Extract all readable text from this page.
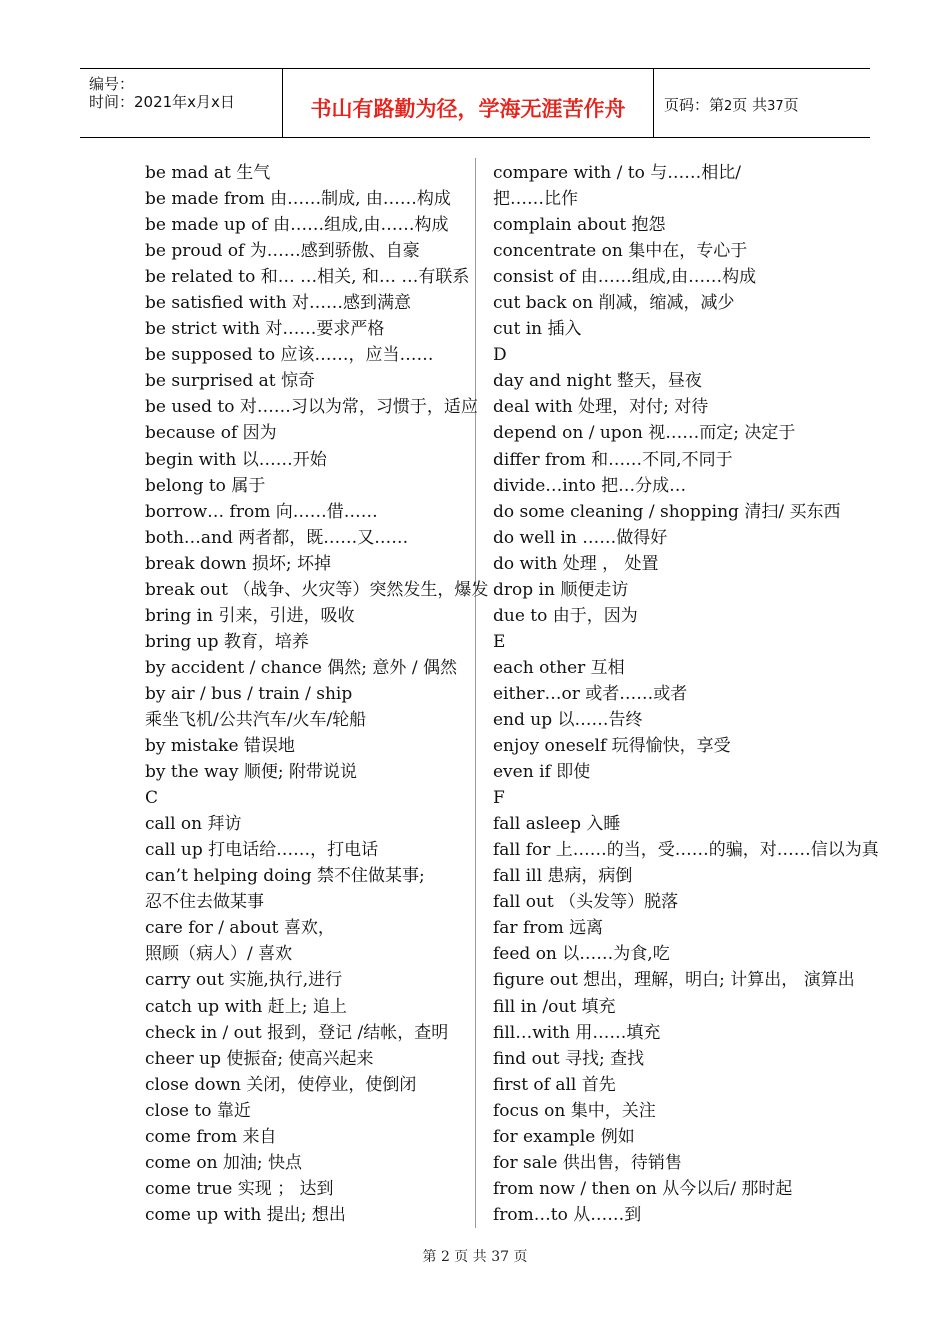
编号：
时间：2021年x月x日	书山有路勤为径，学海无涯苦作舟	页码：第2页 共37页
be mad at 生气
be made from 由……制成, 由……构成
be made up of 由……组成,由……构成
be proud of 为……感到骄傲、自豪
be related to 和… …相关, 和… …有联系
be satisfied with 对……感到满意
be strict with 对……要求严格
be supposed to 应该……，应当……
be surprised at 惊奇
be used to 对……习以为常，习惯于，适应
because of 因为
begin with 以……开始
belong to 属于
borrow… from 向……借……
both…and 两者都，既……又……
break down 损坏; 坏掉
break out （战争、火灾等）突然发生，爆发
bring in 引来，引进，吸收
bring up 教育，培养
by accident / chance 偶然; 意外 / 偶然
by air / bus / train / ship
乘坐飞机/公共汽车/火车/轮船
by mistake 错误地
by the way 顺便; 附带说说
C
call on 拜访
call up 打电话给……，打电话
can’t helping doing 禁不住做某事;
忍不住去做某事
care for / about 喜欢，
照顾（病人）/ 喜欢
carry out 实施,执行,进行
catch up with 赶上; 追上
check in / out 报到，登记 /结帐，查明
cheer up 使振奋; 使高兴起来
close down 关闭，使停业，使倒闭
close to 靠近
come from 来自
come on 加油; 快点
come true 实现 ； 达到
come up with 提出; 想出
compare with / to 与……相比/
把……比作
complain about 抱怨
concentrate on 集中在，专心于
consist of 由……组成,由……构成
cut back on 削减，缩减，减少
cut in 插入
D
day and night 整天，昼夜
deal with 处理，对付; 对待
depend on / upon 视……而定; 决定于
differ from 和……不同,不同于
divide…into 把…分成…
do some cleaning / shopping 清扫/ 买东西
do well in ……做得好
do with 处理 ， 处置
drop in 顺便走访
due to 由于，因为
E
each other 互相
either…or 或者……或者
end up 以……告终
enjoy oneself 玩得愉快，享受
even if 即使
F
fall asleep 入睡
fall for 上……的当，受……的骗，对……信以为真
fall ill 患病，病倒
fall out （头发等）脱落
far from 远离
feed on 以……为食,吃
figure out 想出，理解，明白; 计算出， 演算出
fill in /out 填充
fill…with 用……填充
find out 寻找; 查找
first of all 首先
focus on 集中，关注
for example 例如
for sale 供出售，待销售
from now / then on 从今以后/ 那时起
from…to 从……到
第 2 页 共 37 页
